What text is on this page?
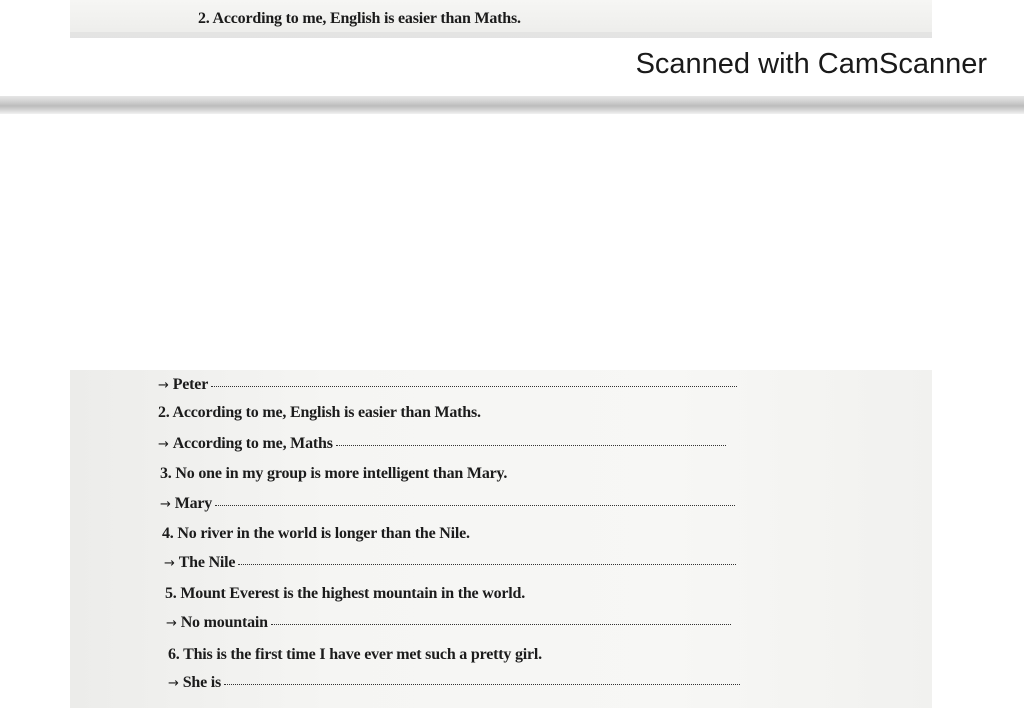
2. According to me, English is easier than Maths.
Scanned with CamScanner
→ Peter
2. According to me, English is easier than Maths.
→ According to me, Maths
3. No one in my group is more intelligent than Mary.
→ Mary
4. No river in the world is longer than the Nile.
→ The Nile
5. Mount Everest is the highest mountain in the world.
→ No mountain
6. This is the first time I have ever met such a pretty girl.
→ She is
